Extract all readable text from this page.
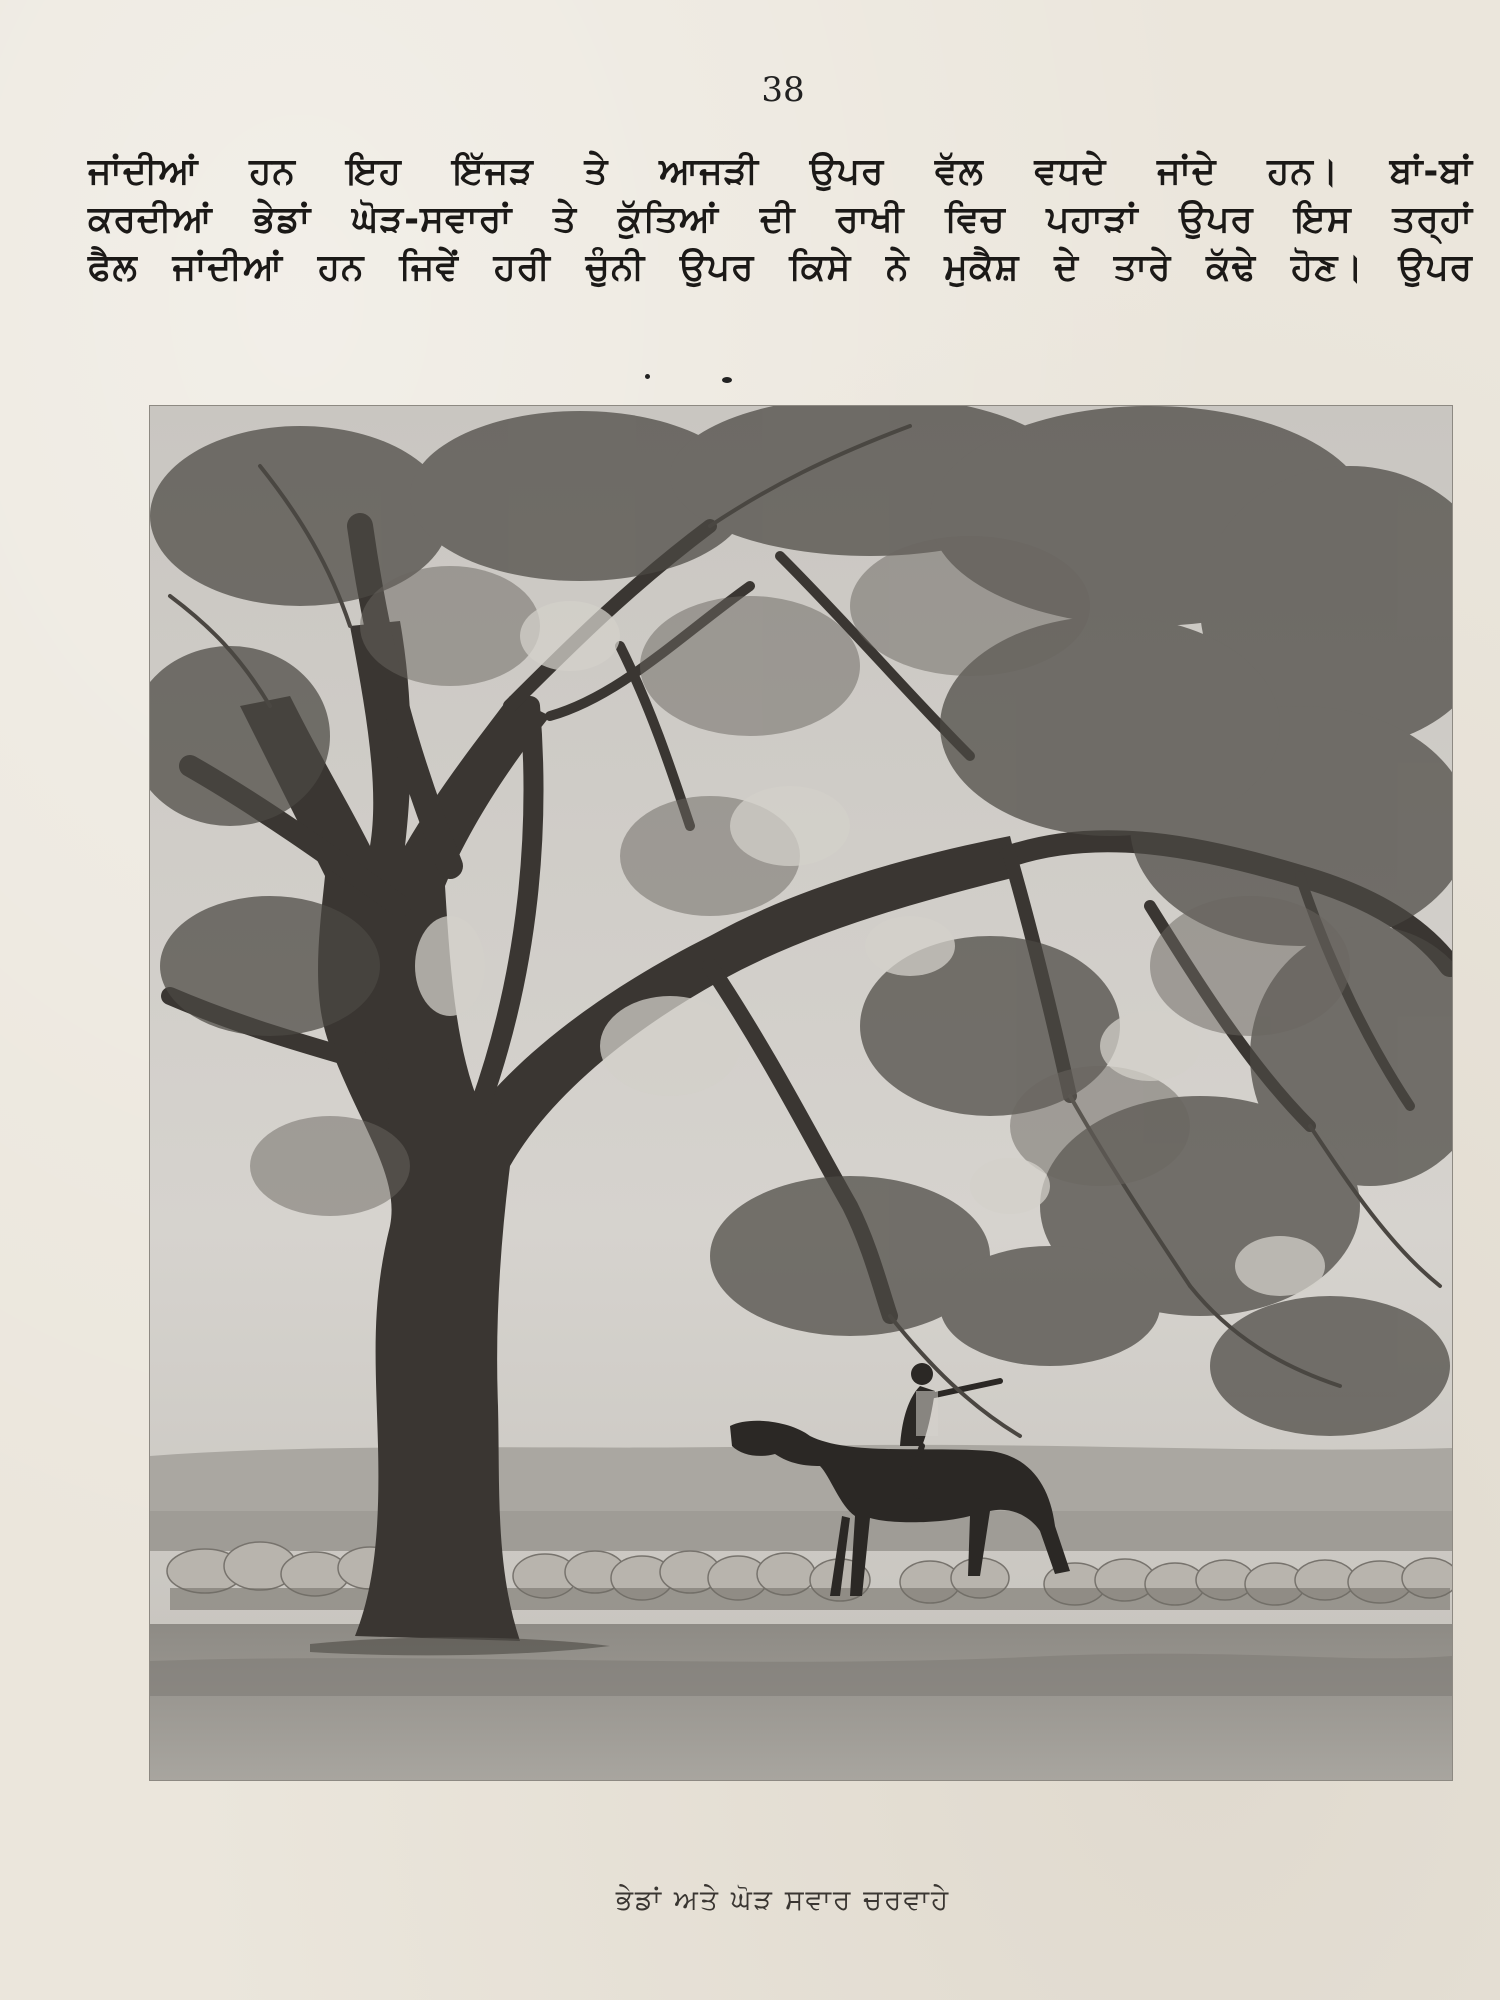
38

ਜਾਂਦੀਆਂ ਹਨ ਇਹ ਇੱਜੜ ਤੇ ਆਜੜੀ ਉਪਰ ਵੱਲ ਵਧਦੇ ਜਾਂਦੇ ਹਨ। ਬਾਂ-ਬਾਂ
ਕਰਦੀਆਂ ਭੇਡਾਂ ਘੋੜ-ਸਵਾਰਾਂ ਤੇ ਕੁੱਤਿਆਂ ਦੀ ਰਾਖੀ ਵਿਚ ਪਹਾੜਾਂ ਉਪਰ ਇਸ ਤਰ੍ਹਾਂ
ਫੈਲ ਜਾਂਦੀਆਂ ਹਨ ਜਿਵੇਂ ਹਰੀ ਚੁੰਨੀ ਉਪਰ ਕਿਸੇ ਨੇ ਮੁਕੈਸ਼ ਦੇ ਤਾਰੇ ਕੱਢੇ ਹੋਣ। ਉਪਰ

ਭੇਡਾਂ ਅਤੇ ਘੋੜ ਸਵਾਰ ਚਰਵਾਹੇ
